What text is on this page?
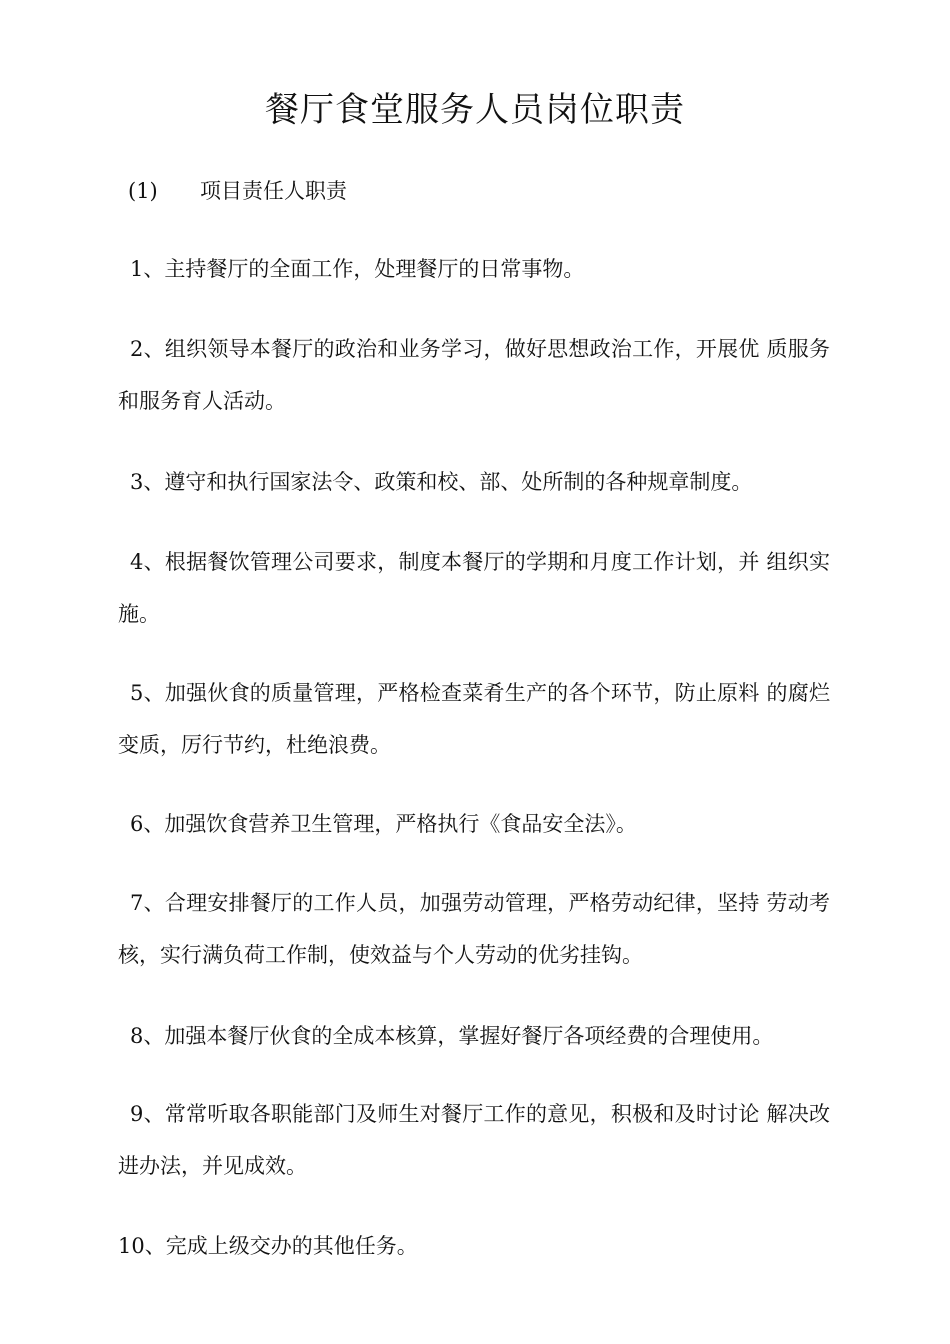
餐厅食堂服务人员岗位职责
(1) 项目责任人职责

1、主持餐厅的全面工作，处理餐厅的日常事物。

2、组织领导本餐厅的政治和业务学习，做好思想政治工作，开展优 质服务和服务育人活动。

3、遵守和执行国家法令、政策和校、部、处所制的各种规章制度。

4、根据餐饮管理公司要求，制度本餐厅的学期和月度工作计划，并 组织实施。

5、加强伙食的质量管理，严格检查菜肴生产的各个环节，防止原料 的腐烂变质，厉行节约，杜绝浪费。

6、加强饮食营养卫生管理，严格执行《食品安全法》。

7、合理安排餐厅的工作人员，加强劳动管理，严格劳动纪律，坚持 劳动考核，实行满负荷工作制，使效益与个人劳动的优劣挂钩。

8、加强本餐厅伙食的全成本核算，掌握好餐厅各项经费的合理使用。

9、常常听取各职能部门及师生对餐厅工作的意见，积极和及时讨论 解决改进办法，并见成效。

10、完成上级交办的其他任务。
